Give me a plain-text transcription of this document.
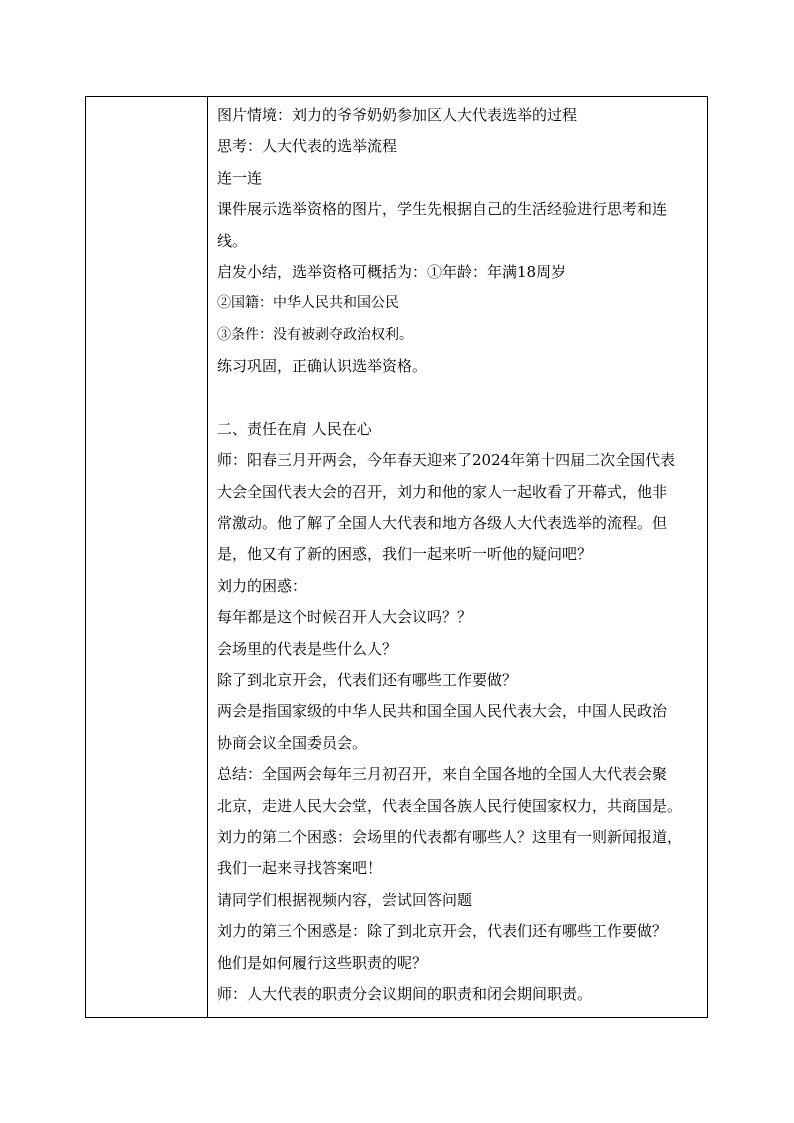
图片情境：刘力的爷爷奶奶参加区人大代表选举的过程
思考：人大代表的选举流程
连一连
课件展示选举资格的图片，学生先根据自己的生活经验进行思考和连
线。
启发小结，选举资格可概括为：①年龄：年满18周岁
②国籍：中华人民共和国公民
③条件：没有被剥夺政治权利。
练习巩固，正确认识选举资格。
二、责任在肩 人民在心
师：阳春三月开两会，今年春天迎来了2024年第十四届二次全国代表
大会全国代表大会的召开，刘力和他的家人一起收看了开幕式，他非
常激动。他了解了全国人大代表和地方各级人大代表选举的流程。但
是，他又有了新的困惑，我们一起来听一听他的疑问吧？
刘力的困惑：
每年都是这个时候召开人大会议吗？？
会场里的代表是些什么人？
除了到北京开会，代表们还有哪些工作要做？
两会是指国家级的中华人民共和国全国人民代表大会，中国人民政治
协商会议全国委员会。
总结：全国两会每年三月初召开，来自全国各地的全国人大代表会聚
北京，走进人民大会堂，代表全国各族人民行使国家权力，共商国是。
刘力的第二个困惑：会场里的代表都有哪些人？这里有一则新闻报道，
我们一起来寻找答案吧！
请同学们根据视频内容，尝试回答问题
刘力的第三个困惑是：除了到北京开会，代表们还有哪些工作要做？
他们是如何履行这些职责的呢？
师：人大代表的职责分会议期间的职责和闭会期间职责。
